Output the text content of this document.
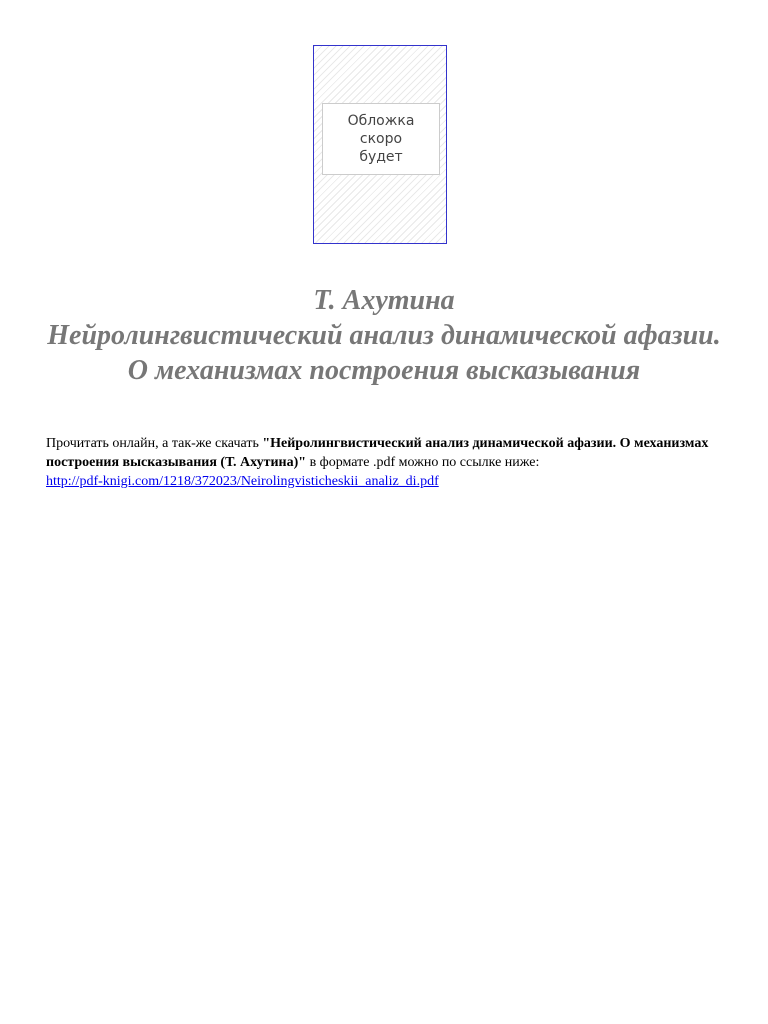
Обложка скоро будет
Т. Ахутина
Нейролингвистический анализ динамической афазии. О механизмах построения высказывания
Прочитать онлайн, а так-же скачать "Нейролингвистический анализ динамической афазии. О механизмах построения высказывания (Т. Ахутина)" в формате .pdf можно по ссылке ниже:
http://pdf-knigi.com/1218/372023/Neirolingvisticheskii_analiz_di.pdf
